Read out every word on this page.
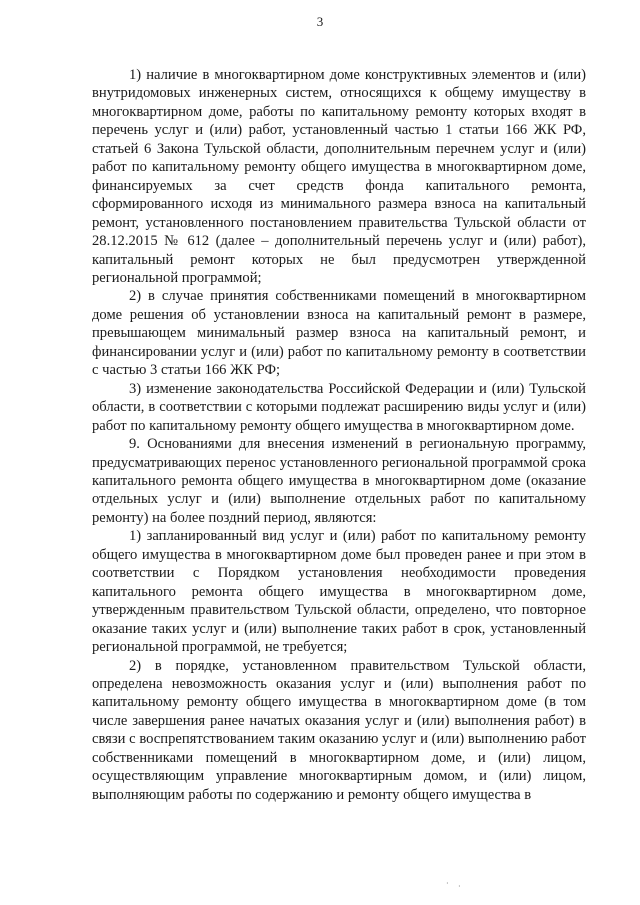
3

1) наличие в многоквартирном доме конструктивных элементов и (или) внутридомовых инженерных систем, относящихся к общему имуществу в многоквартирном доме, работы по капитальному ремонту которых входят в перечень услуг и (или) работ, установленный частью 1 статьи 166 ЖК РФ, статьей 6 Закона Тульской области, дополнительным перечнем услуг и (или) работ по капитальному ремонту общего имущества в многоквартирном доме, финансируемых за счет средств фонда капитального ремонта, сформированного исходя из минимального размера взноса на капитальный ремонт, установленного постановлением правительства Тульской области от 28.12.2015 № 612 (далее – дополнительный перечень услуг и (или) работ), капитальный ремонт которых не был предусмотрен утвержденной региональной программой;

2) в случае принятия собственниками помещений в многоквартирном доме решения об установлении взноса на капитальный ремонт в размере, превышающем минимальный размер взноса на капитальный ремонт, и финансировании услуг и (или) работ по капитальному ремонту в соответствии с частью 3 статьи 166 ЖК РФ;

3) изменение законодательства Российской Федерации и (или) Тульской области, в соответствии с которыми подлежат расширению виды услуг и (или) работ по капитальному ремонту общего имущества в многоквартирном доме.

9. Основаниями для внесения изменений в региональную программу, предусматривающих перенос установленного региональной программой срока капитального ремонта общего имущества в многоквартирном доме (оказание отдельных услуг и (или) выполнение отдельных работ по капитальному ремонту) на более поздний период, являются:

1) запланированный вид услуг и (или) работ по капитальному ремонту общего имущества в многоквартирном доме был проведен ранее и при этом в соответствии с Порядком установления необходимости проведения капитального ремонта общего имущества в многоквартирном доме, утвержденным правительством Тульской области, определено, что повторное оказание таких услуг и (или) выполнение таких работ в срок, установленный региональной программой, не требуется;

2) в порядке, установленном правительством Тульской области, определена невозможность оказания услуг и (или) выполнения работ по капитальному ремонту общего имущества в многоквартирном доме (в том числе завершения ранее начатых оказания услуг и (или) выполнения работ) в связи с воспрепятствованием таким оказанию услуг и (или) выполнению работ собственниками помещений в многоквартирном доме, и (или) лицом, осуществляющим управление многоквартирным домом, и (или) лицом, выполняющим работы по содержанию и ремонту общего имущества в

· ·
